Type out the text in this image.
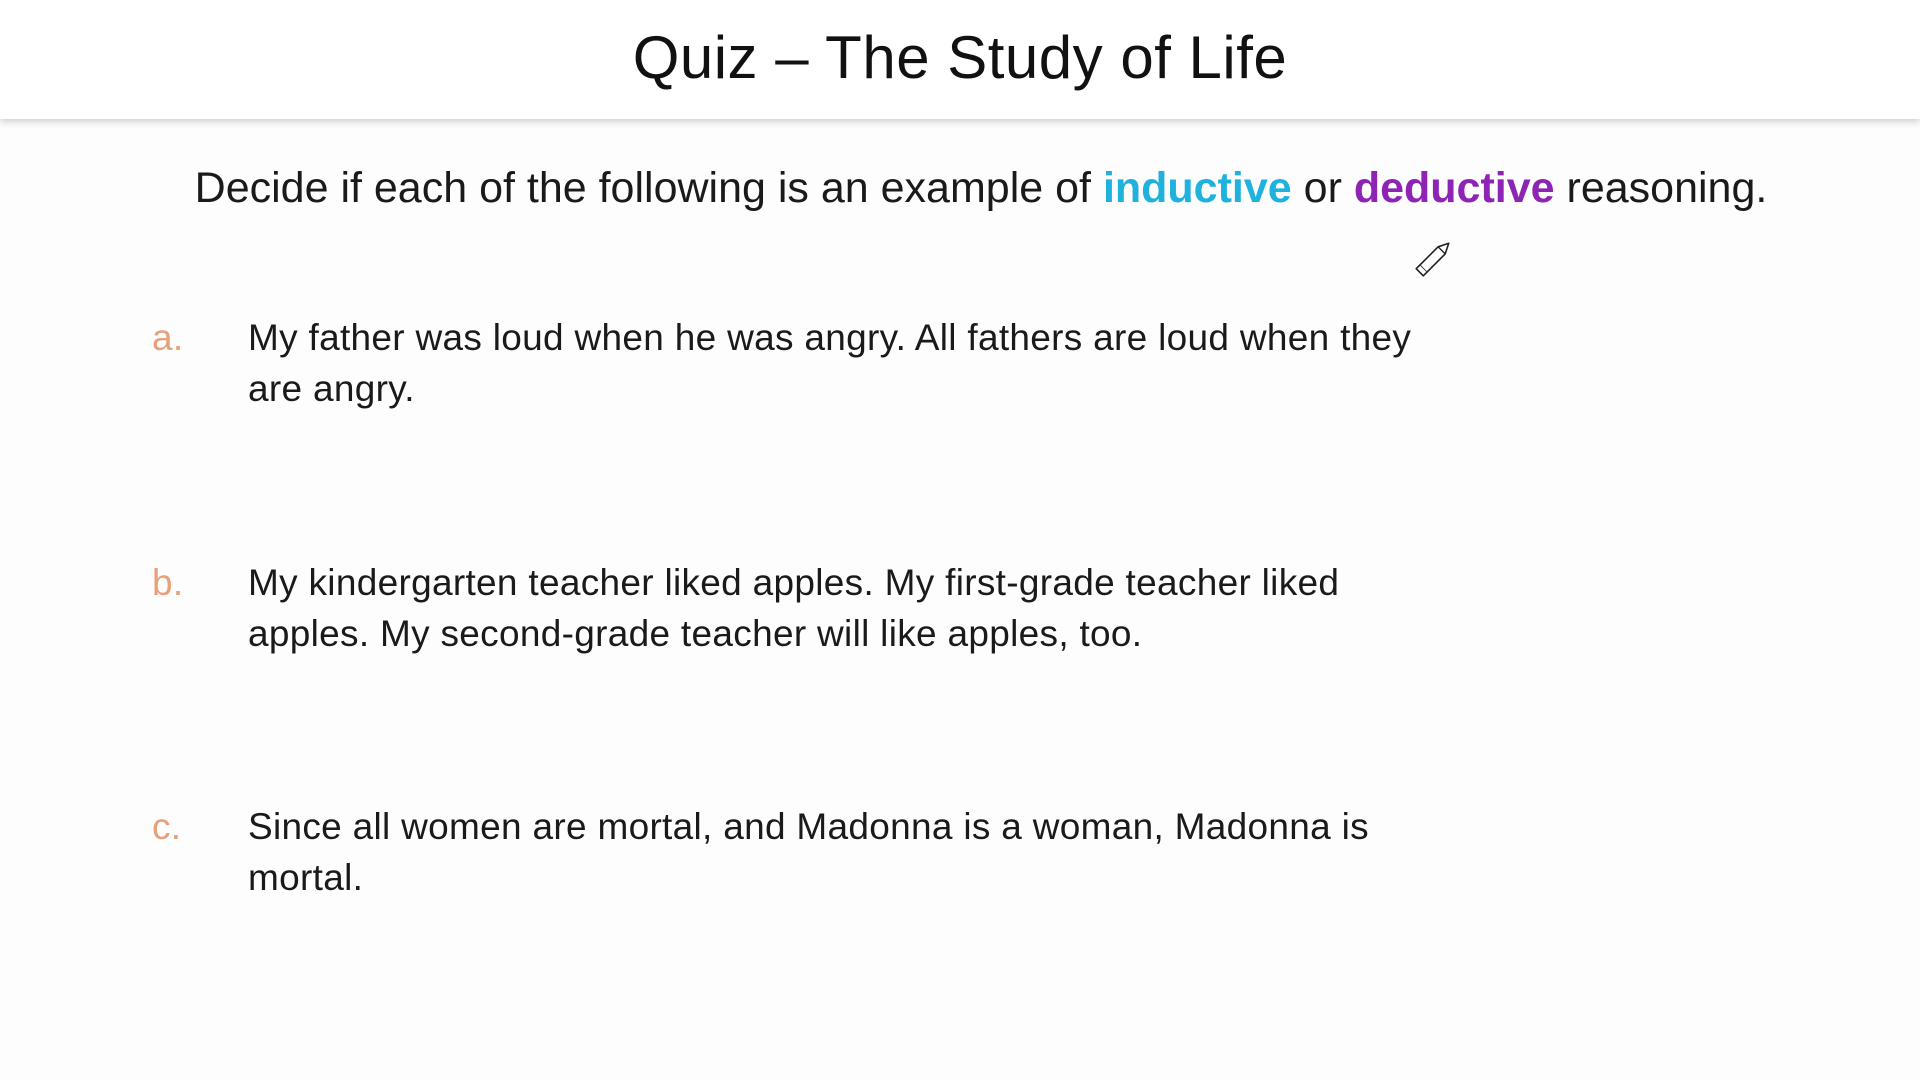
Quiz – The Study of Life
Decide if each of the following is an example of inductive or deductive reasoning.
a.	My father was loud when he was angry. All fathers are loud when they are angry.
b.	My kindergarten teacher liked apples. My first-grade teacher liked apples. My second-grade teacher will like apples, too.
c.	Since all women are mortal, and Madonna is a woman, Madonna is mortal.
